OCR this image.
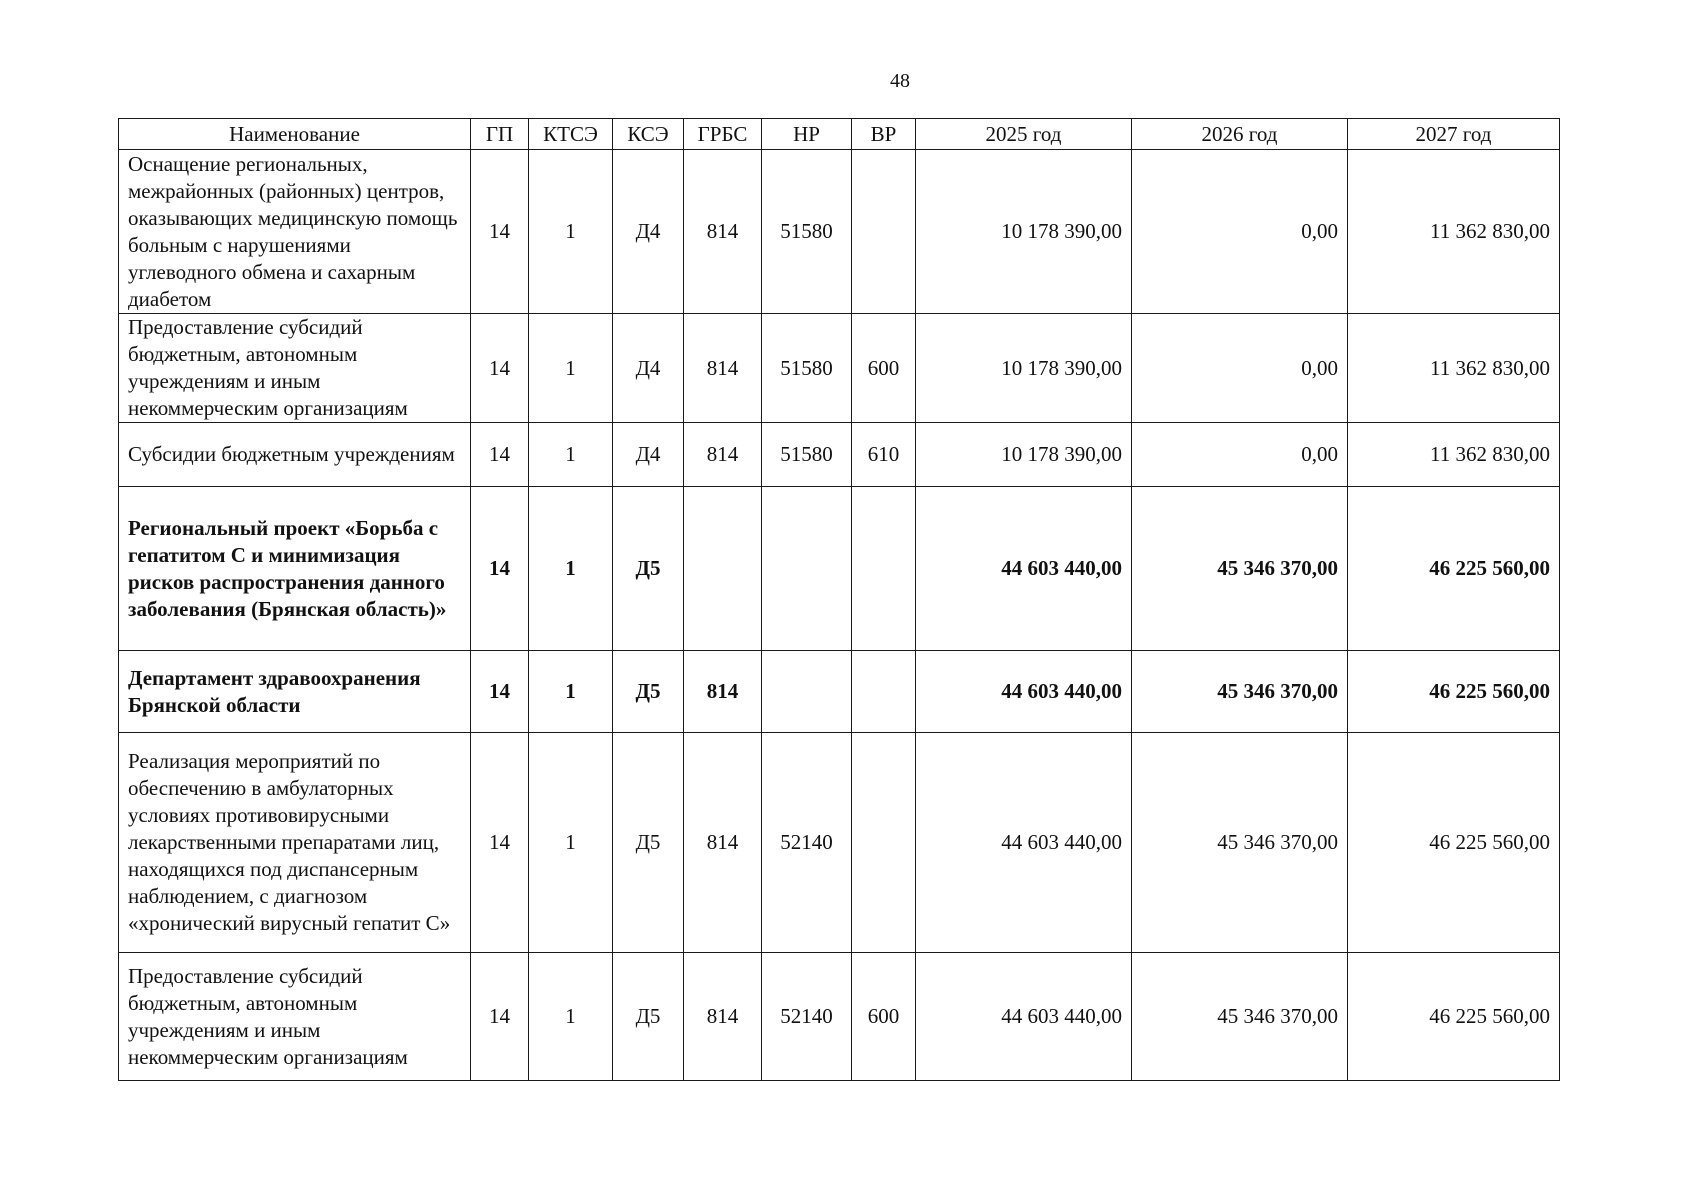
48
Наименование	ГП	КТСЭ	КСЭ	ГРБС	НР	ВР	2025 год	2026 год	2027 год
Оснащение региональных, межрайонных (районных) центров, оказывающих медицинскую помощь больным с нарушениями углеводного обмена и сахарным диабетом	14	1	Д4	814	51580		10 178 390,00	0,00	11 362 830,00
Предоставление субсидий бюджетным, автономным учреждениям и иным некоммерческим организациям	14	1	Д4	814	51580	600	10 178 390,00	0,00	11 362 830,00
Субсидии бюджетным учреждениям	14	1	Д4	814	51580	610	10 178 390,00	0,00	11 362 830,00
Региональный проект «Борьба с гепатитом С и минимизация рисков распространения данного заболевания (Брянская область)»	14	1	Д5				44 603 440,00	45 346 370,00	46 225 560,00
Департамент здравоохранения Брянской области	14	1	Д5	814			44 603 440,00	45 346 370,00	46 225 560,00
Реализация мероприятий по обеспечению в амбулаторных условиях противовирусными лекарственными препаратами лиц, находящихся под диспансерным наблюдением, с диагнозом «хронический вирусный гепатит С»	14	1	Д5	814	52140		44 603 440,00	45 346 370,00	46 225 560,00
Предоставление субсидий бюджетным, автономным учреждениям и иным некоммерческим организациям	14	1	Д5	814	52140	600	44 603 440,00	45 346 370,00	46 225 560,00
